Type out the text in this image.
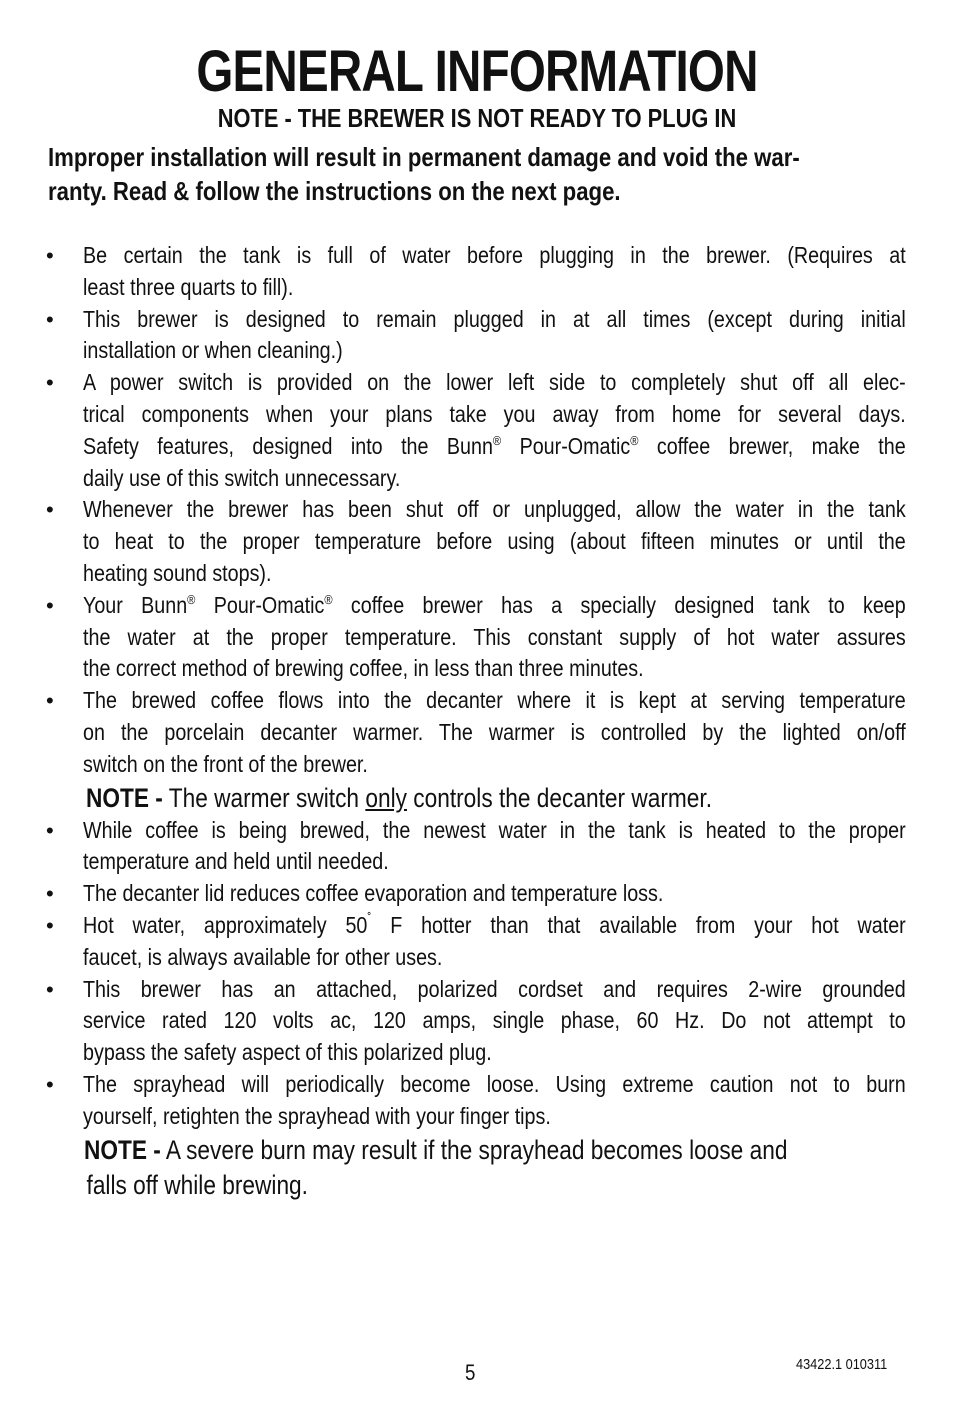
GENERAL INFORMATION
NOTE - THE BREWER IS NOT READY TO PLUG IN
Improper installation will result in permanent damage and void the war-
ranty. Read & follow the instructions on the next page.
• Be certain the tank is full of water before plugging in the brewer. (Requires at
least three quarts to fill).
• This brewer is designed to remain plugged in at all times (except during initial
installation or when cleaning.)
• A power switch is provided on the lower left side to completely shut off all elec-
trical components when your plans take you away from home for several days.
Safety features, designed into the Bunn® Pour-Omatic® coffee brewer, make the
daily use of this switch unnecessary.
• Whenever the brewer has been shut off or unplugged, allow the water in the tank
to heat to the proper temperature before using (about fifteen minutes or until the
heating sound stops).
• Your Bunn® Pour-Omatic® coffee brewer has a specially designed tank to keep
the water at the proper temperature. This constant supply of hot water assures
the correct method of brewing coffee, in less than three minutes.
• The brewed coffee flows into the decanter where it is kept at serving temperature
on the porcelain decanter warmer. The warmer is controlled by the lighted on/off
switch on the front of the brewer.
NOTE - The warmer switch only controls the decanter warmer.
• While coffee is being brewed, the newest water in the tank is heated to the proper
temperature and held until needed.
• The decanter lid reduces coffee evaporation and temperature loss.
• Hot water, approximately 50˚ F hotter than that available from your hot water
faucet, is always available for other uses.
• This brewer has an attached, polarized cordset and requires 2-wire grounded
service rated 120 volts ac, 120 amps, single phase, 60 Hz. Do not attempt to
bypass the safety aspect of this polarized plug.
• The sprayhead will periodically become loose. Using extreme caution not to burn
yourself, retighten the sprayhead with your finger tips.
NOTE - A severe burn may result if the sprayhead becomes loose and
falls off while brewing.
5	43422.1 010311
